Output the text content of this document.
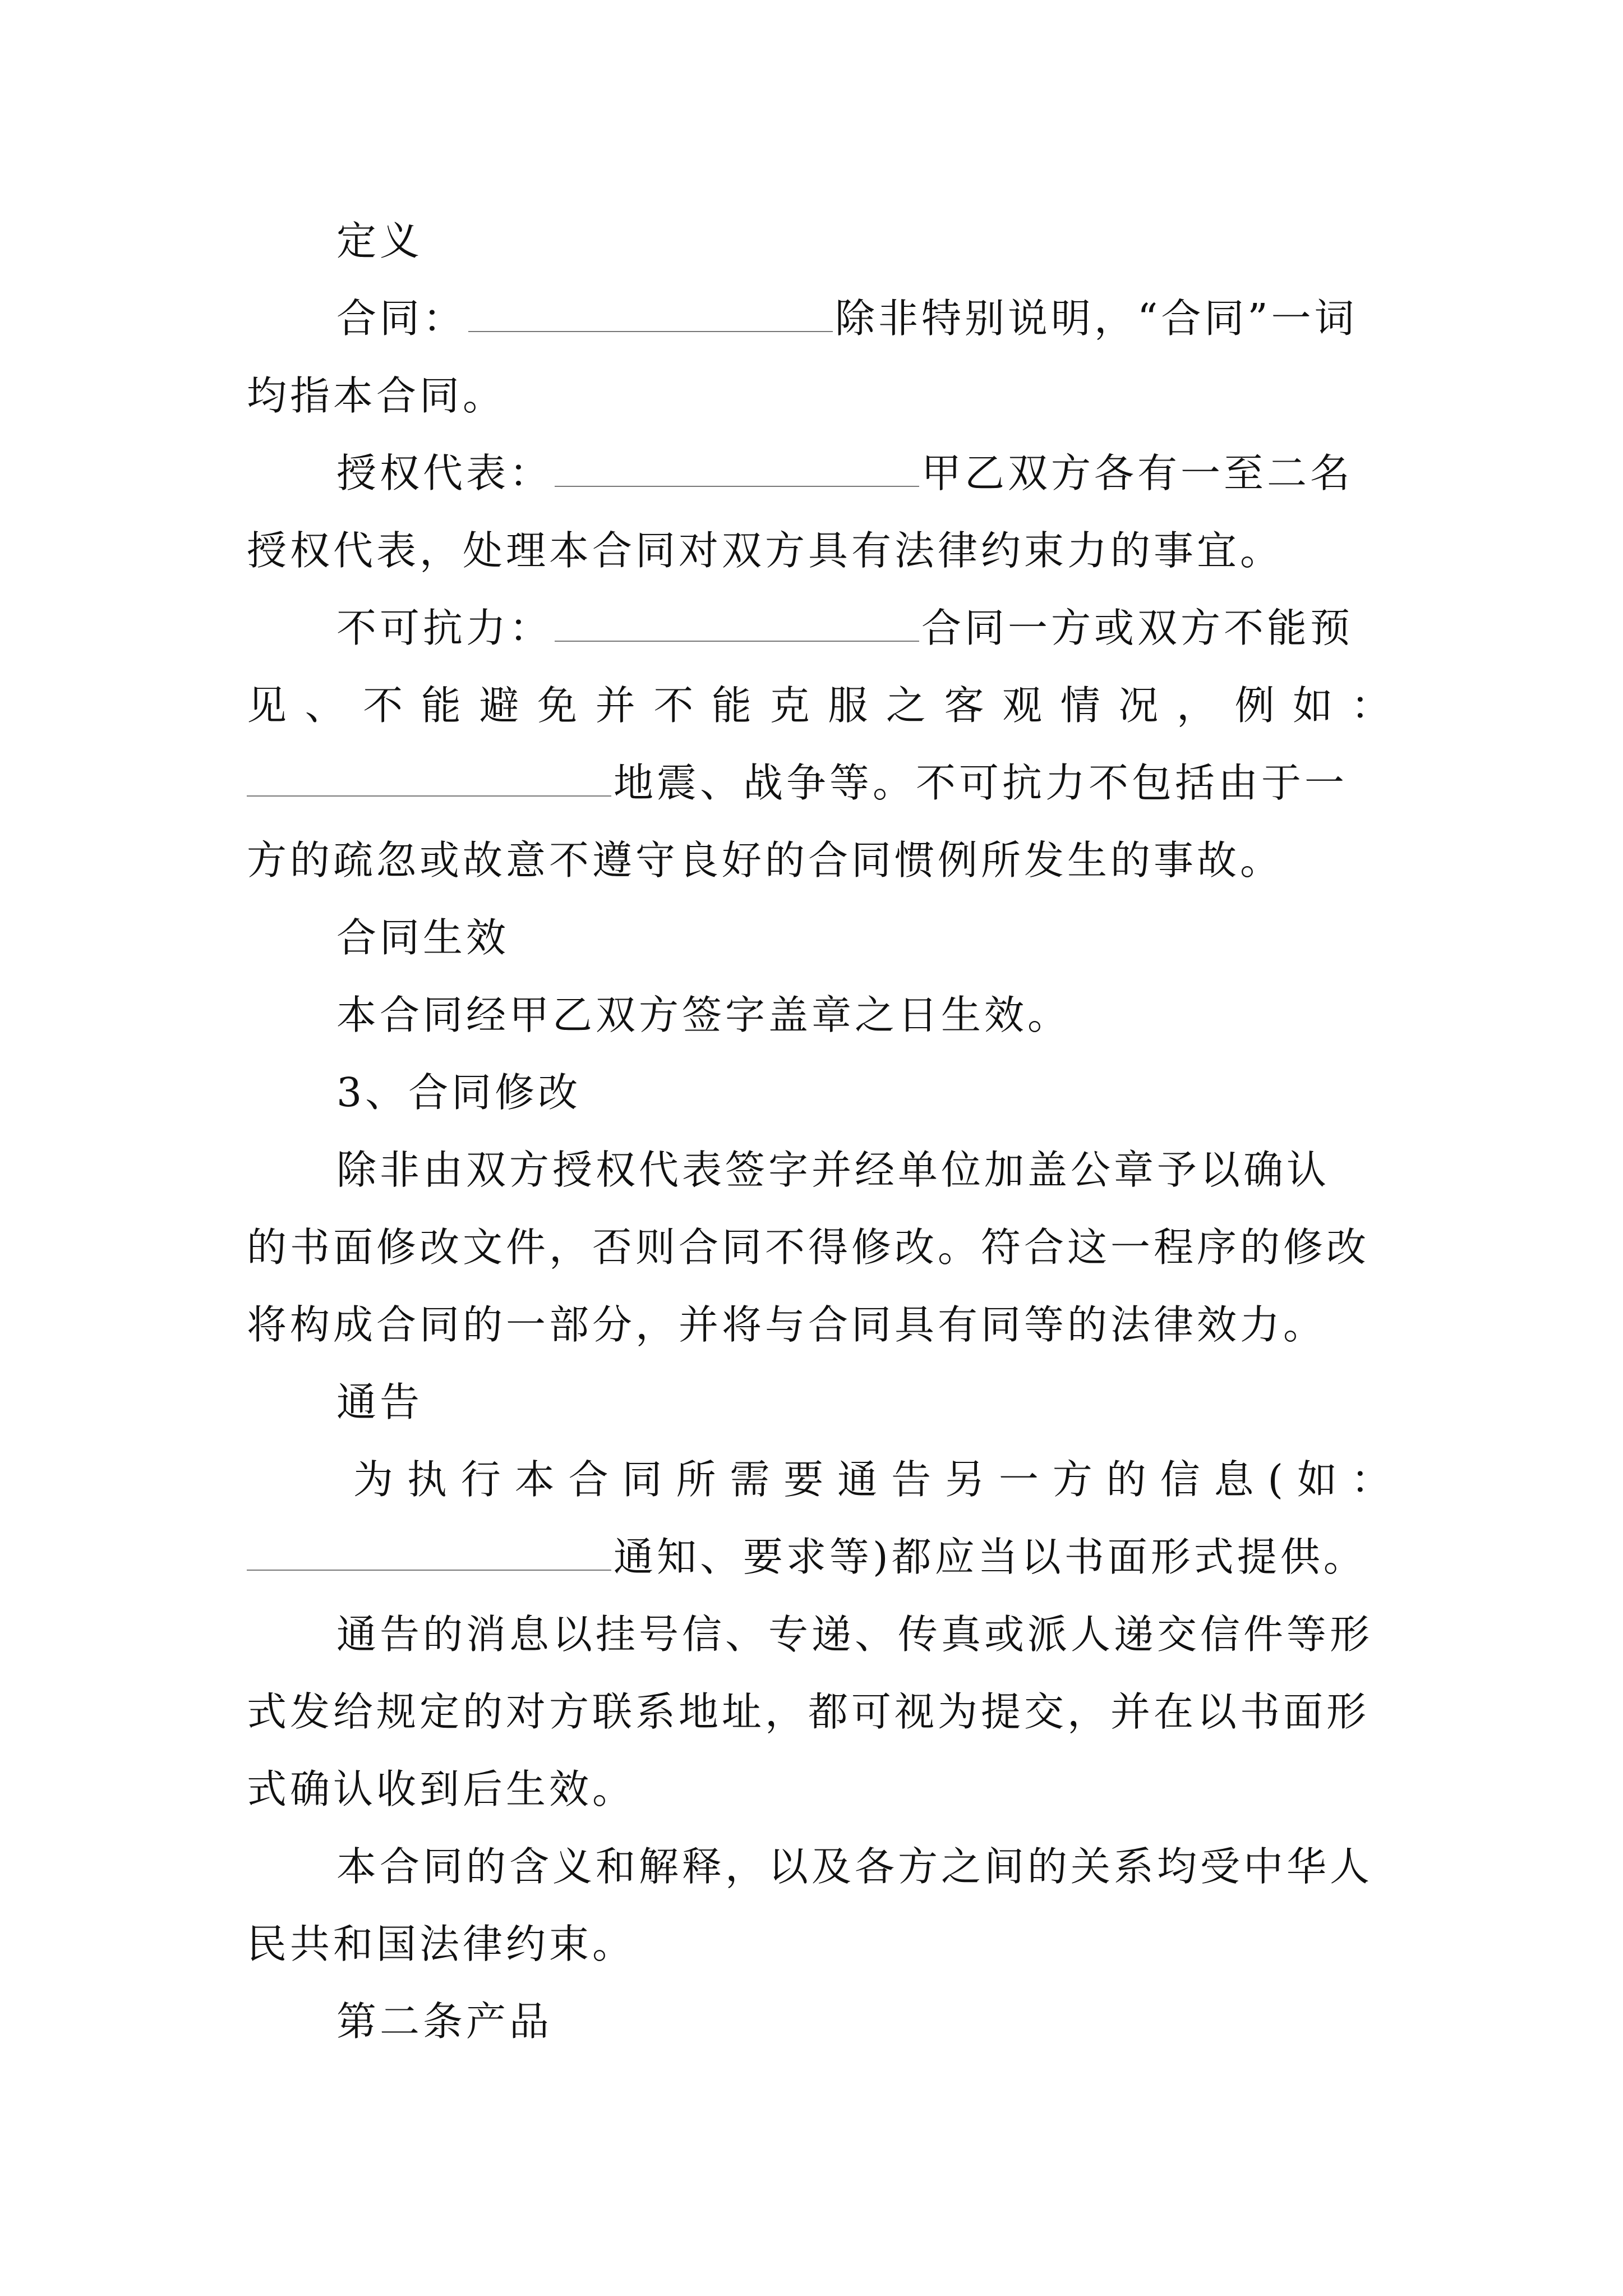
定义
合同：	除非特别说明，“合同”一词
均指本合同。
授权代表：	甲乙双方各有一至二名
授权代表，处理本合同对双方具有法律约束力的事宜。
不可抗力：	合同一方或双方不能预
见 、 不 能 避 免 并 不 能 克 服 之 客 观 情 况 ， 例 如 ：
地震、战争等。不可抗力不包括由于一
方的疏忽或故意不遵守良好的合同惯例所发生的事故。
合同生效
本合同经甲乙双方签字盖章之日生效。
3、合同修改
除非由双方授权代表签字并经单位加盖公章予以确认
的书面修改文件，否则合同不得修改。符合这一程序的修改
将构成合同的一部分，并将与合同具有同等的法律效力。
通告
为 执 行 本 合 同 所 需 要 通 告 另 一 方 的 信 息 ( 如 ：
通知、要求等)都应当以书面形式提供。
通告的消息以挂号信、专递、传真或派人递交信件等形
式发给规定的对方联系地址，都可视为提交，并在以书面形
式确认收到后生效。
本合同的含义和解释，以及各方之间的关系均受中华人
民共和国法律约束。
第二条产品
